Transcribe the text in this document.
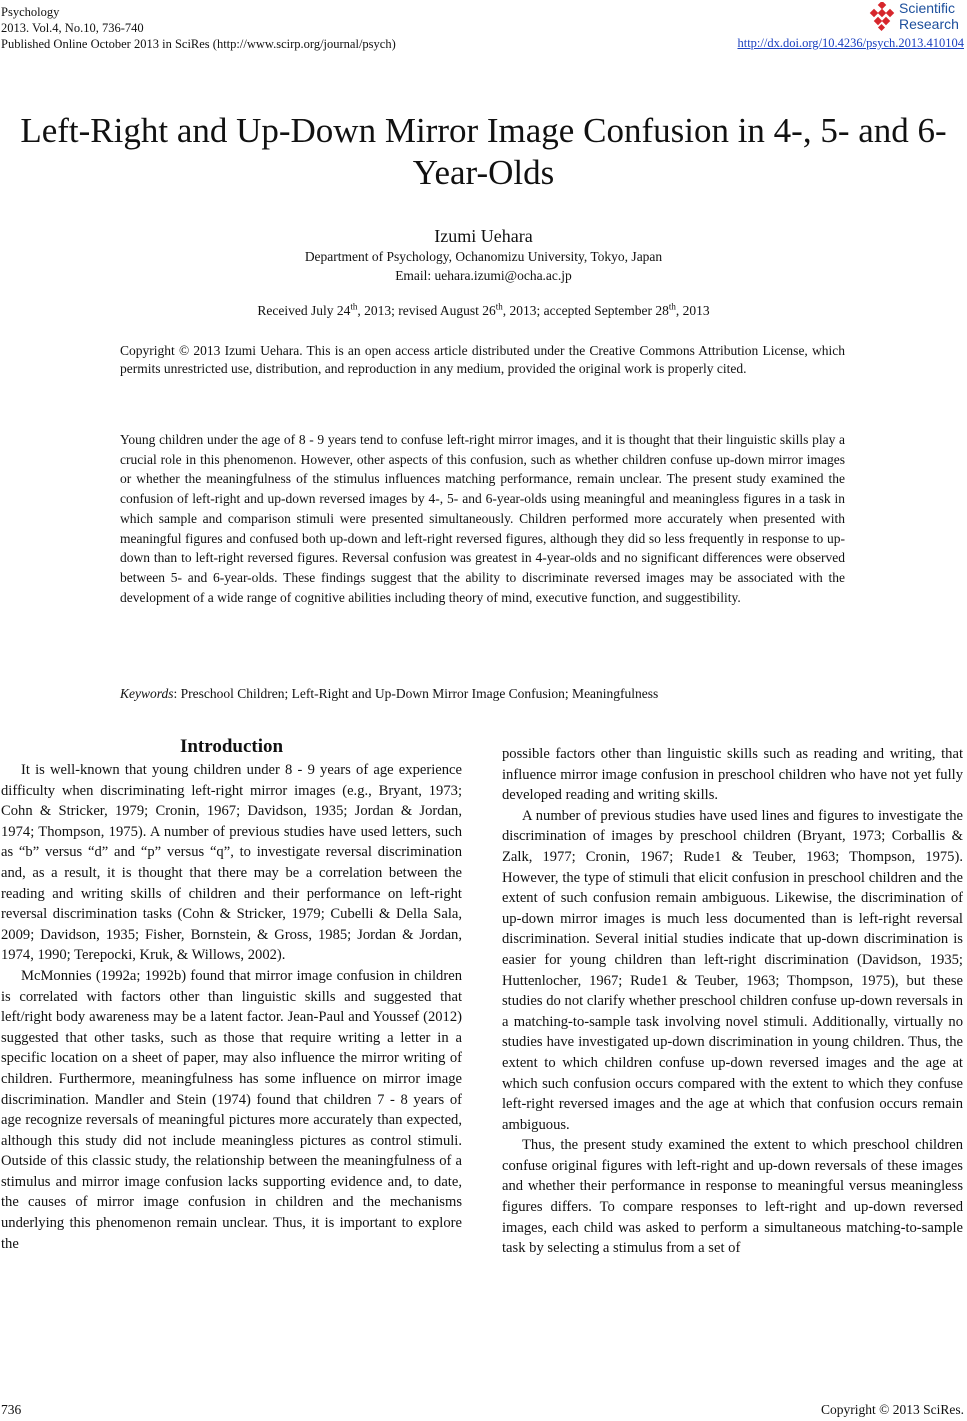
Psychology
2013. Vol.4, No.10, 736-740
Published Online October 2013 in SciRes (http://www.scirp.org/journal/psych)	http://dx.doi.org/10.4236/psych.2013.410104
Scientific
Research
Left-Right and Up-Down Mirror Image Confusion in 4-, 5- and 6-Year-Olds
Izumi Uehara
Department of Psychology, Ochanomizu University, Tokyo, Japan
Email: uehara.izumi@ocha.ac.jp
Received July 24th, 2013; revised August 26th, 2013; accepted September 28th, 2013
Copyright © 2013 Izumi Uehara. This is an open access article distributed under the Creative Commons Attribution License, which permits unrestricted use, distribution, and reproduction in any medium, provided the original work is properly cited.
Young children under the age of 8 - 9 years tend to confuse left-right mirror images, and it is thought that their linguistic skills play a crucial role in this phenomenon. However, other aspects of this confusion, such as whether children confuse up-down mirror images or whether the meaningfulness of the stimulus influences matching performance, remain unclear. The present study examined the confusion of left-right and up-down reversed images by 4-, 5- and 6-year-olds using meaningful and meaningless figures in a task in which sample and comparison stimuli were presented simultaneously. Children performed more accurately when presented with meaningful figures and confused both up-down and left-right reversed figures, although they did so less frequently in response to up-down than to left-right reversed figures. Reversal confusion was greatest in 4-year-olds and no significant differences were observed between 5- and 6-year-olds. These findings suggest that the ability to discriminate reversed images may be associated with the development of a wide range of cognitive abilities including theory of mind, executive function, and suggestibility.
Keywords: Preschool Children; Left-Right and Up-Down Mirror Image Confusion; Meaningfulness
Introduction

It is well-known that young children under 8 - 9 years of age experience difficulty when discriminating left-right mirror images (e.g., Bryant, 1973; Cohn & Stricker, 1979; Cronin, 1967; Davidson, 1935; Jordan & Jordan, 1974; Thompson, 1975). A number of previous studies have used letters, such as “b” versus “d” and “p” versus “q”, to investigate reversal discrimination and, as a result, it is thought that there may be a correlation between the reading and writing skills of children and their performance on left-right reversal discrimination tasks (Cohn & Stricker, 1979; Cubelli & Della Sala, 2009; Davidson, 1935; Fisher, Bornstein, & Gross, 1985; Jordan & Jordan, 1974, 1990; Terepocki, Kruk, & Willows, 2002).

McMonnies (1992a; 1992b) found that mirror image confusion in children is correlated with factors other than linguistic skills and suggested that left/right body awareness may be a latent factor. Jean-Paul and Youssef (2012) suggested that other tasks, such as those that require writing a letter in a specific location on a sheet of paper, may also influence the mirror writing of children. Furthermore, meaningfulness has some influence on mirror image discrimination. Mandler and Stein (1974) found that children 7 - 8 years of age recognize reversals of meaningful pictures more accurately than expected, although this study did not include meaningless pictures as control stimuli. Outside of this classic study, the relationship between the meaningfulness of a stimulus and mirror image confusion lacks supporting evidence and, to date, the causes of mirror image confusion in children and the mechanisms underlying this phenomenon remain unclear. Thus, it is important to explore the

possible factors other than linguistic skills such as reading and writing, that influence mirror image confusion in preschool children who have not yet fully developed reading and writing skills.

A number of previous studies have used lines and figures to investigate the discrimination of images by preschool children (Bryant, 1973; Corballis & Zalk, 1977; Cronin, 1967; Rude1 & Teuber, 1963; Thompson, 1975). However, the type of stimuli that elicit confusion in preschool children and the extent of such confusion remain ambiguous. Likewise, the discrimination of up-down mirror images is much less documented than is left-right reversal discrimination. Several initial studies indicate that up-down discrimination is easier for young children than left-right discrimination (Davidson, 1935; Huttenlocher, 1967; Rude1 & Teuber, 1963; Thompson, 1975), but these studies do not clarify whether preschool children confuse up-down reversals in a matching-to-sample task involving novel stimuli. Additionally, virtually no studies have investigated up-down discrimination in young children. Thus, the extent to which children confuse up-down reversed images and the age at which such confusion occurs compared with the extent to which they confuse left-right reversed images and the age at which that confusion occurs remain ambiguous.

Thus, the present study examined the extent to which preschool children confuse original figures with left-right and up-down reversals of these images and whether their performance in response to meaningful versus meaningless figures differs. To compare responses to left-right and up-down reversed images, each child was asked to perform a simultaneous matching-to-sample task by selecting a stimulus from a set of

736	Copyright © 2013 SciRes.
